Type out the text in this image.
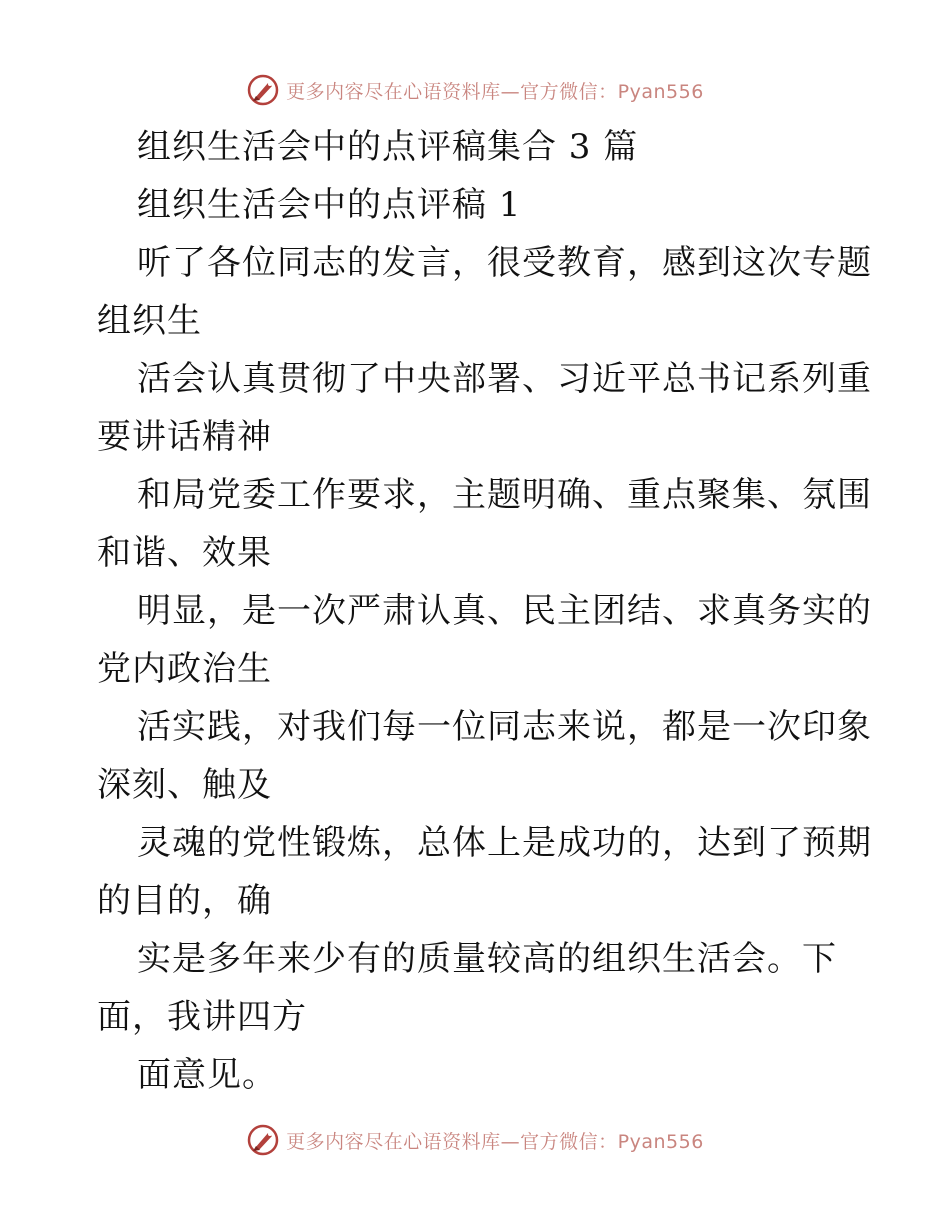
更多内容尽在心语资料库—官方微信：Pyan556
组织生活会中的点评稿集合 3 篇
组织生活会中的点评稿 1
听了各位同志的发言，很受教育，感到这次专题
组织生
活会认真贯彻了中央部署、习近平总书记系列重
要讲话精神
和局党委工作要求，主题明确、重点聚集、氛围
和谐、效果
明显，是一次严肃认真、民主团结、求真务实的
党内政治生
活实践，对我们每一位同志来说，都是一次印象
深刻、触及
灵魂的党性锻炼，总体上是成功的，达到了预期
的目的，确
实是多年来少有的质量较高的组织生活会。下
面，我讲四方
面意见。
更多内容尽在心语资料库—官方微信：Pyan556
